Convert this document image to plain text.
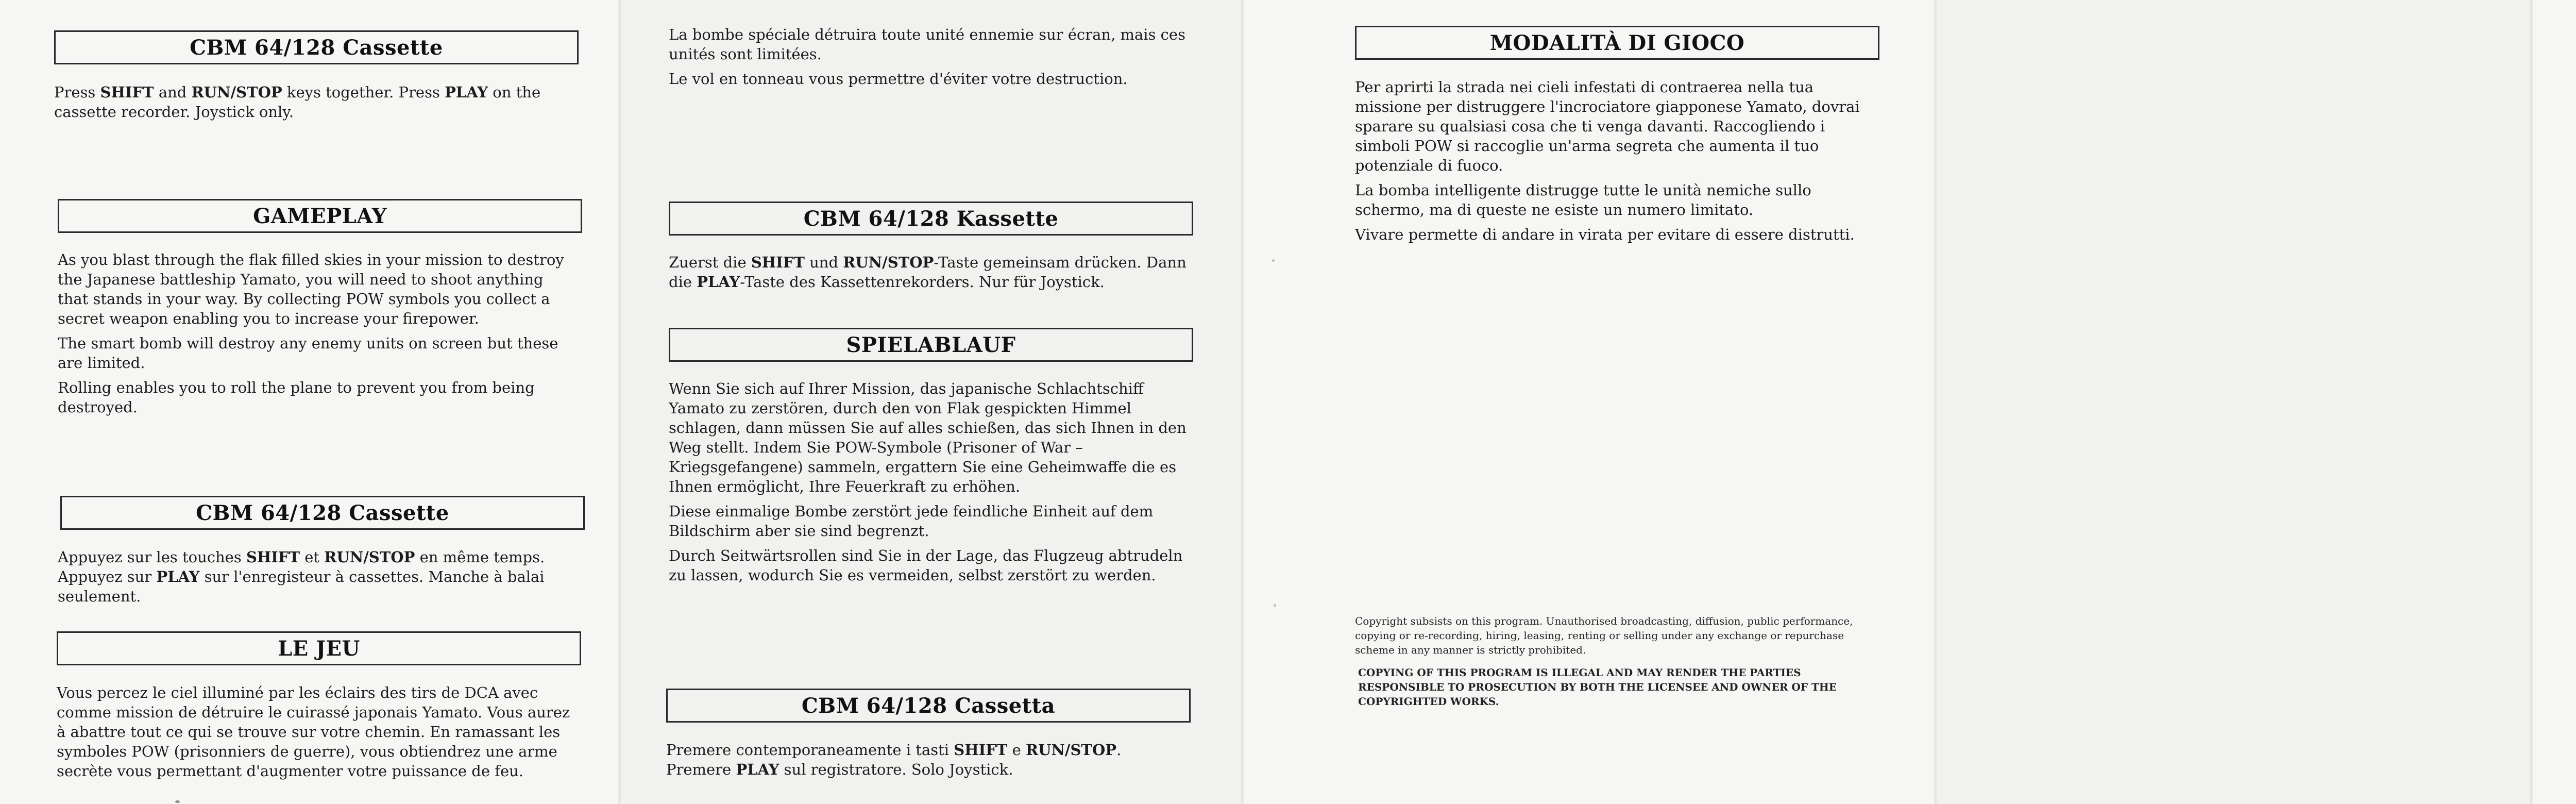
CBM 64/128 Cassette

Press SHIFT and RUN/STOP keys together. Press PLAY on the cassette recorder. Joystick only.

GAMEPLAY

As you blast through the flak filled skies in your mission to destroy the Japanese battleship Yamato, you will need to shoot anything that stands in your way. By collecting POW symbols you collect a secret weapon enabling you to increase your firepower.

The smart bomb will destroy any enemy units on screen but these are limited.

Rolling enables you to roll the plane to prevent you from being destroyed.

CBM 64/128 Cassette

Appuyez sur les touches SHIFT et RUN/STOP en même temps. Appuyez sur PLAY sur l'enregisteur à cassettes. Manche à balai seulement.

LE JEU

Vous percez le ciel illuminé par les éclairs des tirs de DCA avec comme mission de détruire le cuirassé japonais Yamato. Vous aurez à abattre tout ce qui se trouve sur votre chemin. En ramassant les symboles POW (prisonniers de guerre), vous obtiendrez une arme secrète vous permettant d'augmenter votre puissance de feu.

La bombe spéciale détruira toute unité ennemie sur écran, mais ces unités sont limitées.

Le vol en tonneau vous permettre d'éviter votre destruction.

CBM 64/128 Kassette

Zuerst die SHIFT und RUN/STOP-Taste gemeinsam drücken. Dann die PLAY-Taste des Kassettenrekorders. Nur für Joystick.

SPIELABLAUF

Wenn Sie sich auf Ihrer Mission, das japanische Schlachtschiff Yamato zu zerstören, durch den von Flak gespickten Himmel schlagen, dann müssen Sie auf alles schießen, das sich Ihnen in den Weg stellt. Indem Sie POW-Symbole (Prisoner of War – Kriegsgefangene) sammeln, ergattern Sie eine Geheimwaffe die es Ihnen ermöglicht, Ihre Feuerkraft zu erhöhen.

Diese einmalige Bombe zerstört jede feindliche Einheit auf dem Bildschirm aber sie sind begrenzt.

Durch Seitwärtsrollen sind Sie in der Lage, das Flugzeug abtrudeln zu lassen, wodurch Sie es vermeiden, selbst zerstört zu werden.

CBM 64/128 Cassetta

Premere contemporaneamente i tasti SHIFT e RUN/STOP. Premere PLAY sul registratore. Solo Joystick.

MODALITÀ DI GIOCO

Per aprirti la strada nei cieli infestati di contraerea nella tua missione per distruggere l'incrociatore giapponese Yamato, dovrai sparare su qualsiasi cosa che ti venga davanti. Raccogliendo i simboli POW si raccoglie un'arma segreta che aumenta il tuo potenziale di fuoco.

La bomba intelligente distrugge tutte le unità nemiche sullo schermo, ma di queste ne esiste un numero limitato.

Vivare permette di andare in virata per evitare di essere distrutti.

Copyright subsists on this program. Unauthorised broadcasting, diffusion, public performance, copying or re-recording, hiring, leasing, renting or selling under any exchange or repurchase scheme in any manner is strictly prohibited.

COPYING OF THIS PROGRAM IS ILLEGAL AND MAY RENDER THE PARTIES RESPONSIBLE TO PROSECUTION BY BOTH THE LICENSEE AND OWNER OF THE COPYRIGHTED WORKS.
